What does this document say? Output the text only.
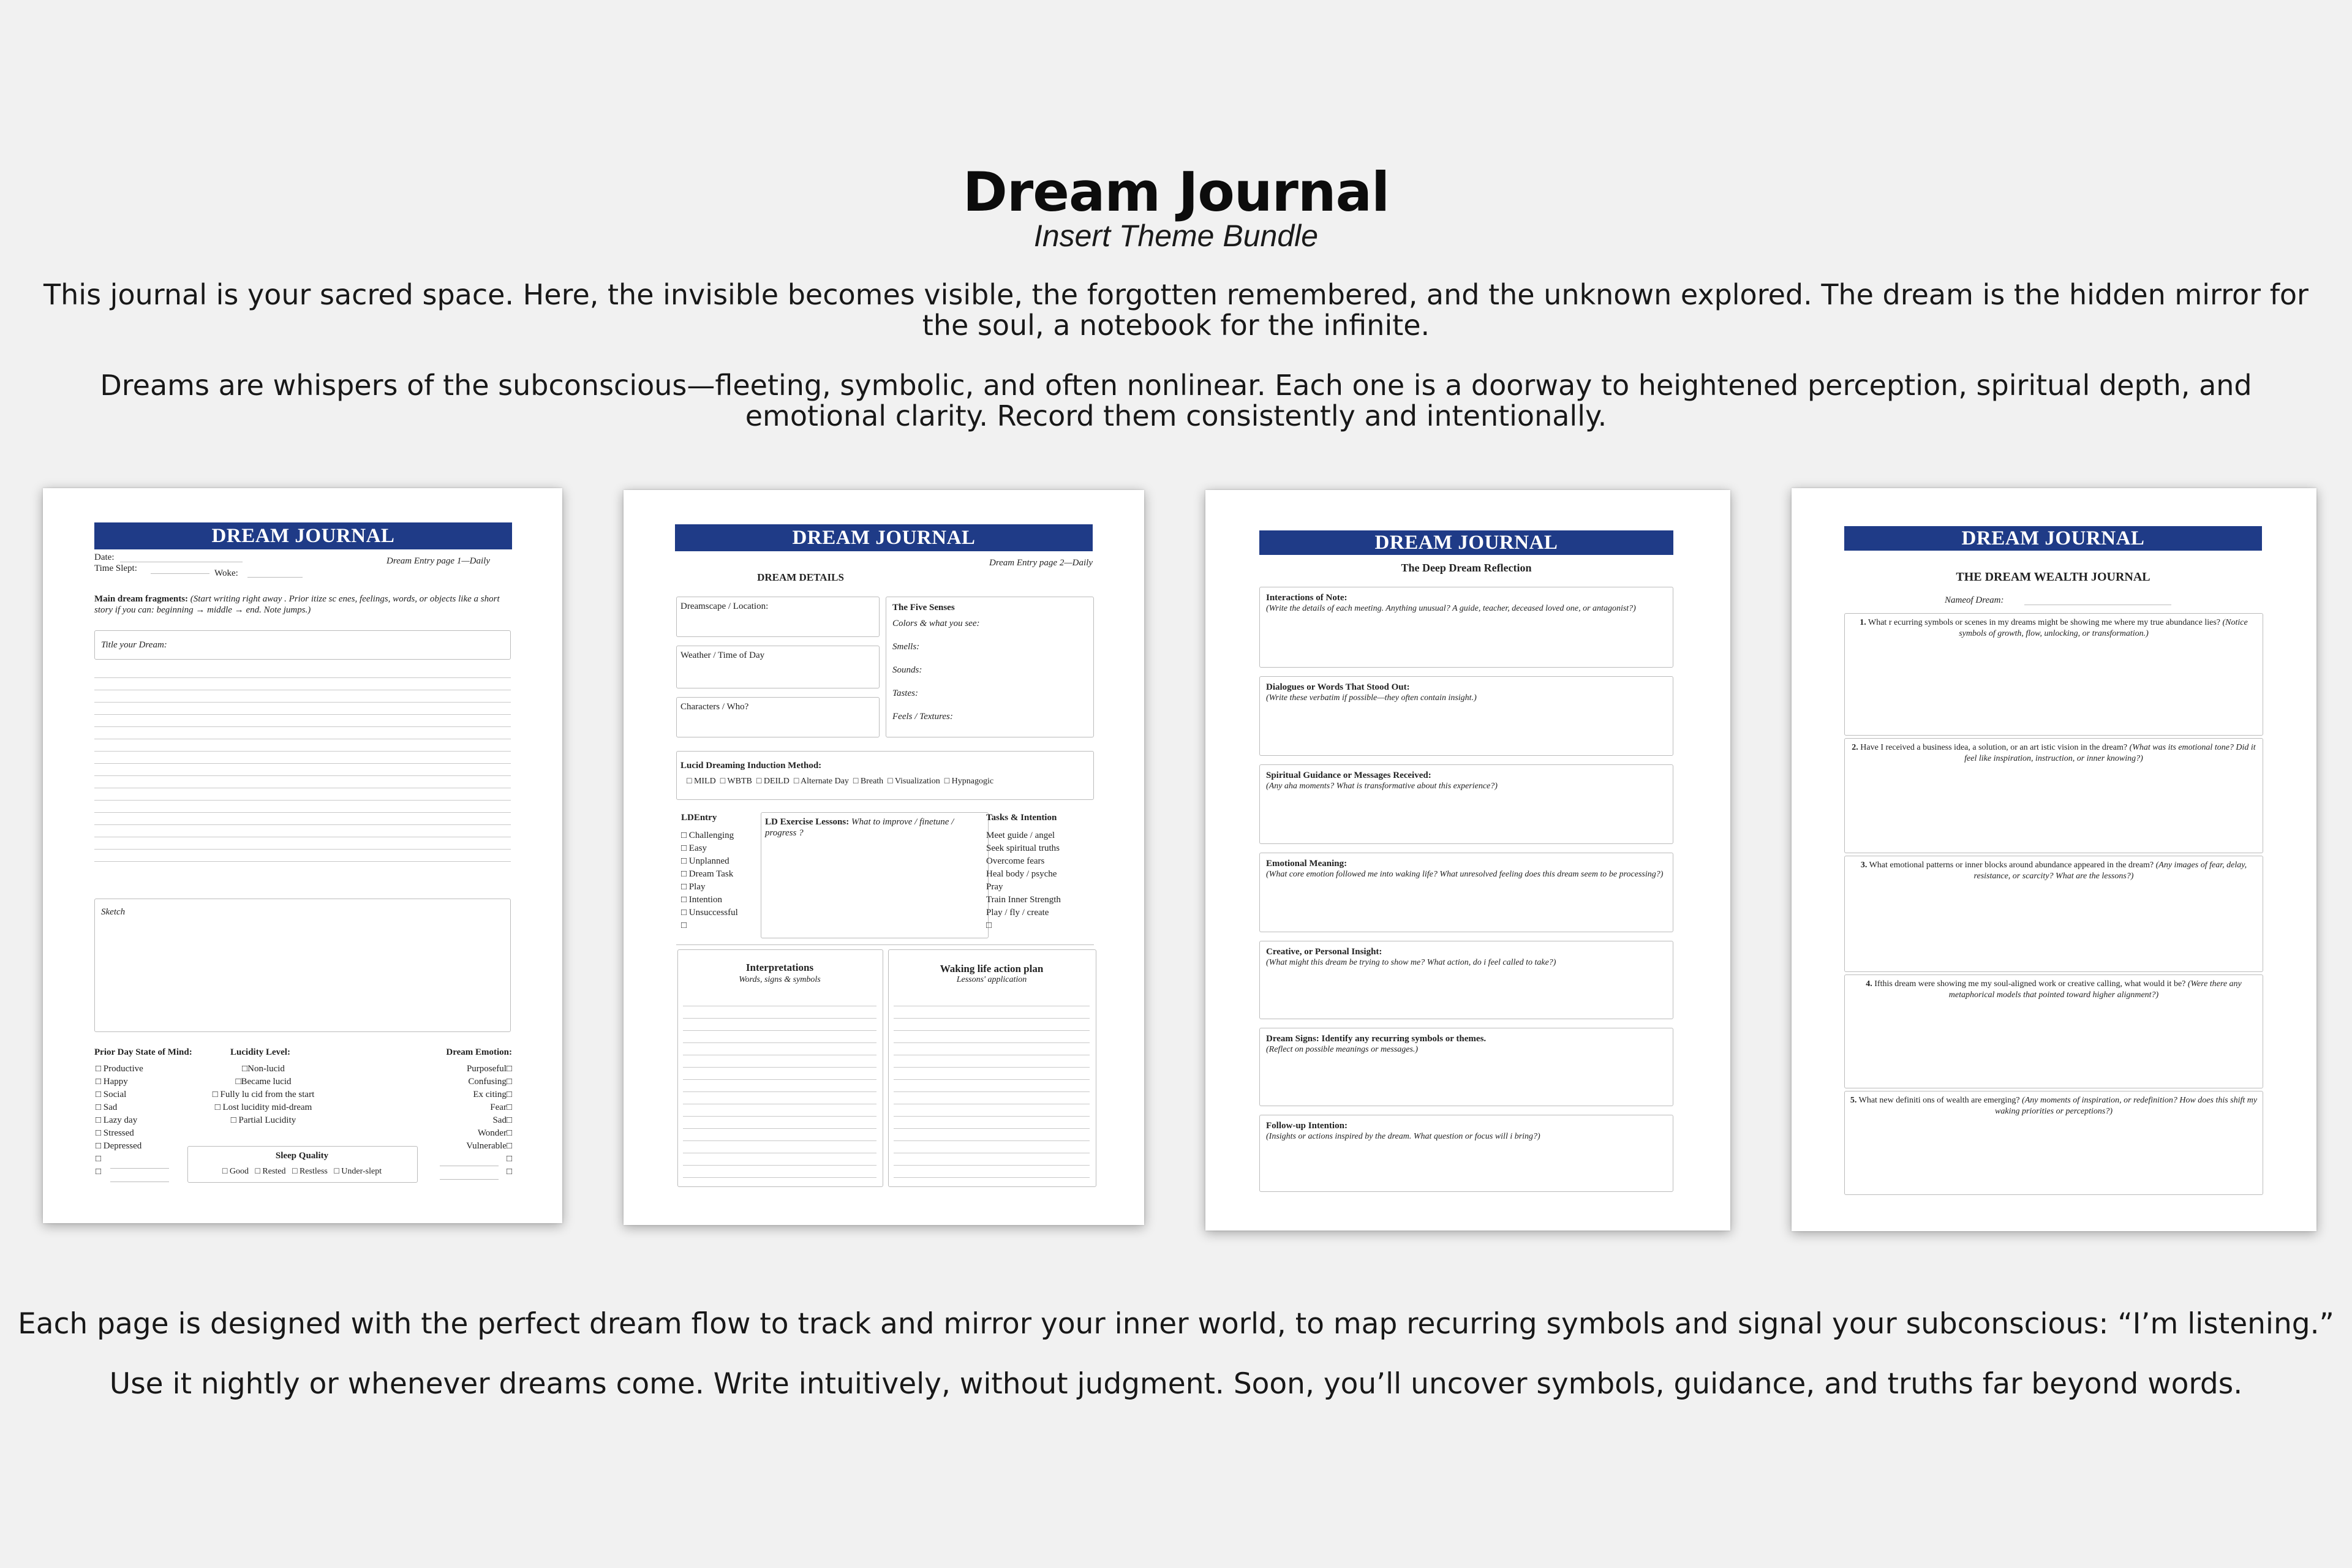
Dream Journal
Insert Theme Bundle
This journal is your sacred space. Here, the invisible becomes visible, the forgotten remembered, and the unknown explored. The dream is the hidden mirror for the soul, a notebook for the infinite.
Dreams are whispers of the subconscious—fleeting, symbolic, and often nonlinear. Each one is a doorway to heightened perception, spiritual depth, and emotional clarity. Record them consistently and intentionally.
DREAM JOURNAL
Date:
Time Slept:	Woke:
Dream Entry page 1—Daily
Main dream fragments: (Start writing right away . Prior itize sc enes, feelings, words, or objects like a short story if you can: beginning → middle → end. Note jumps.)
Title your Dream:
Sketch
Prior Day State of Mind:
□ Productive
□ Happy
□ Social
□ Sad
□ Lazy day
□ Stressed
□ Depressed
□
□
Lucidity Level:
□Non-lucid
□Became lucid
□ Fully lu cid from the start
□ Lost lucidity mid-dream
□ Partial Lucidity
Dream Emotion:
Purposeful□
Confusing□
Ex citing□
Fear□
Sad□
Wonder□
Vulnerable□
□
□
Sleep Quality
□ Good   □ Rested   □ Restless   □ Under-slept
DREAM JOURNAL
Dream Entry page 2—Daily
DREAM DETAILS
Dreamscape / Location:
Weather / Time of Day
Characters / Who?
The Five Senses
Colors & what you see:

Smells:

Sounds:

Tastes:

Feels / Textures:
Lucid Dreaming Induction Method:
□ MILD  □ WBTB  □ DEILD  □ Alternate Day  □ Breath  □ Visualization  □ Hypnagogic
LDEntry
□ Challenging
□ Easy
□ Unplanned
□ Dream Task
□ Play
□ Intention
□ Unsuccessful
□
LD Exercise Lessons: What to improve / finetune / progress ?
Tasks & Intention
Meet guide / angel
Seek spiritual truths
Overcome fears
Heal body / psyche
Pray
Train Inner Strength
Play / fly / create
□
Interpretations
Words, signs & symbols
Waking life action plan
Lessons' application
DREAM JOURNAL
The Deep Dream Reflection
Interactions of Note:
(Write the details of each meeting. Anything unusual? A guide, teacher, deceased loved one, or antagonist?)
Dialogues or Words That Stood Out:
(Write these verbatim if possible—they often contain insight.)
Spiritual Guidance or Messages Received:
(Any aha moments? What is transformative about this experience?)
Emotional Meaning:
(What core emotion followed me into waking life? What unresolved feeling does this dream seem to be processing?)
Creative, or Personal Insight:
(What might this dream be trying to show me? What action, do i feel called to take?)
Dream Signs: Identify any recurring symbols or themes.
(Reflect on possible meanings or messages.)
Follow-up Intention:
(Insights or actions inspired by the dream. What question or focus will i bring?)
DREAM JOURNAL
THE DREAM WEALTH JOURNAL
Nameof Dream:
1. What r ecurring symbols or scenes in my dreams might be showing me where my true abundance lies? (Notice symbols of growth, flow, unlocking, or transformation.)
2. Have I received a business idea, a solution, or an art istic vision in the dream? (What was its emotional tone? Did it feel like inspiration, instruction, or inner knowing?)
3. What emotional patterns or inner blocks around abundance appeared in the dream? (Any images of fear, delay, resistance, or scarcity? What are the lessons?)
4. Ifthis dream were showing me my soul-aligned work or creative calling, what would it be? (Were there any metaphorical models that pointed toward higher alignment?)
5. What new definiti ons of wealth are emerging? (Any moments of inspiration, or redefinition? How does this shift my waking priorities or perceptions?)
Each page is designed with the perfect dream flow to track and mirror your inner world, to map recurring symbols and signal your subconscious: “I’m listening.”
Use it nightly or whenever dreams come. Write intuitively, without judgment. Soon, you’ll uncover symbols, guidance, and truths far beyond words.
